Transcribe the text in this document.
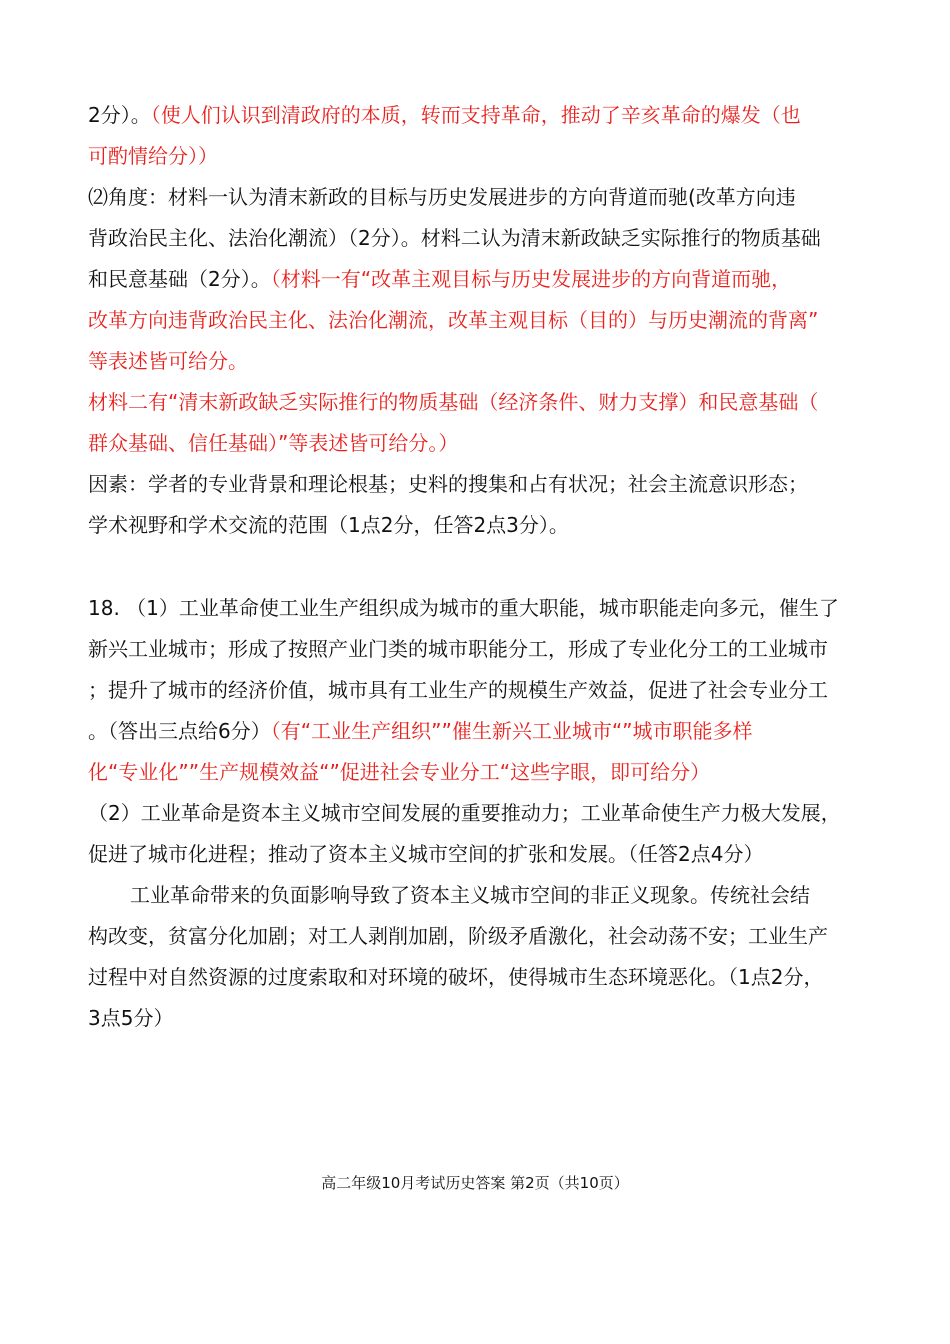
2分）。（使人们认识到清政府的本质，转而支持革命，推动了辛亥革命的爆发（也
可酌情给分））
⑵角度：材料一认为清末新政的目标与历史发展进步的方向背道而驰(改革方向违
背政治民主化、法治化潮流）（2分）。材料二认为清末新政缺乏实际推行的物质基础
和民意基础（2分）。（材料一有“改革主观目标与历史发展进步的方向背道而驰，
改革方向违背政治民主化、法治化潮流，改革主观目标（目的）与历史潮流的背离”
等表述皆可给分。
材料二有“清末新政缺乏实际推行的物质基础（经济条件、财力支撑）和民意基础（
群众基础、信任基础）”等表述皆可给分。）
因素：学者的专业背景和理论根基；史料的搜集和占有状况；社会主流意识形态；
学术视野和学术交流的范围（1点2分，任答2点3分）。
18. （1）工业革命使工业生产组织成为城市的重大职能，城市职能走向多元，催生了
新兴工业城市；形成了按照产业门类的城市职能分工，形成了专业化分工的工业城市
；提升了城市的经济价值，城市具有工业生产的规模生产效益，促进了社会专业分工
。（答出三点给6分）（有“工业生产组织””催生新兴工业城市“”城市职能多样
化“专业化””生产规模效益“”促进社会专业分工“这些字眼，即可给分）
（2）工业革命是资本主义城市空间发展的重要推动力；工业革命使生产力极大发展，
促进了城市化进程；推动了资本主义城市空间的扩张和发展。（任答2点4分）
工业革命带来的负面影响导致了资本主义城市空间的非正义现象。传统社会结
构改变，贫富分化加剧；对工人剥削加剧，阶级矛盾激化，社会动荡不安；工业生产
过程中对自然资源的过度索取和对环境的破坏，使得城市生态环境恶化。（1点2分，
3点5分）
高二年级10月考试历史答案 第2页（共10页）
